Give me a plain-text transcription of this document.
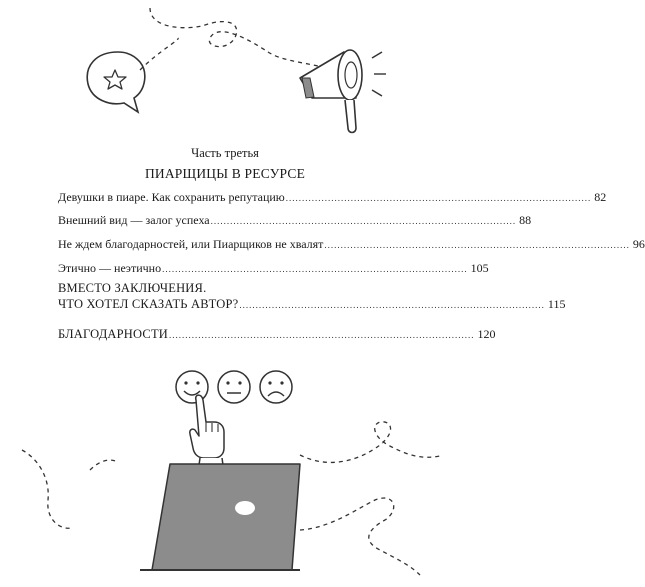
Часть третья
ПИАРЩИЦЫ В РЕСУРСЕ
Девушки в пиаре. Как сохранить репутацию .............................................................................................. 82
Внешний вид — залог успеха .............................................................................................. 88
Не ждем благодарностей, или Пиарщиков не хвалят .............................................................................................. 96
Этично — неэтично .............................................................................................. 105
ВМЕСТО ЗАКЛЮЧЕНИЯ.
ЧТО ХОТЕЛ СКАЗАТЬ АВТОР? .............................................................................................. 115
БЛАГОДАРНОСТИ .............................................................................................. 120
